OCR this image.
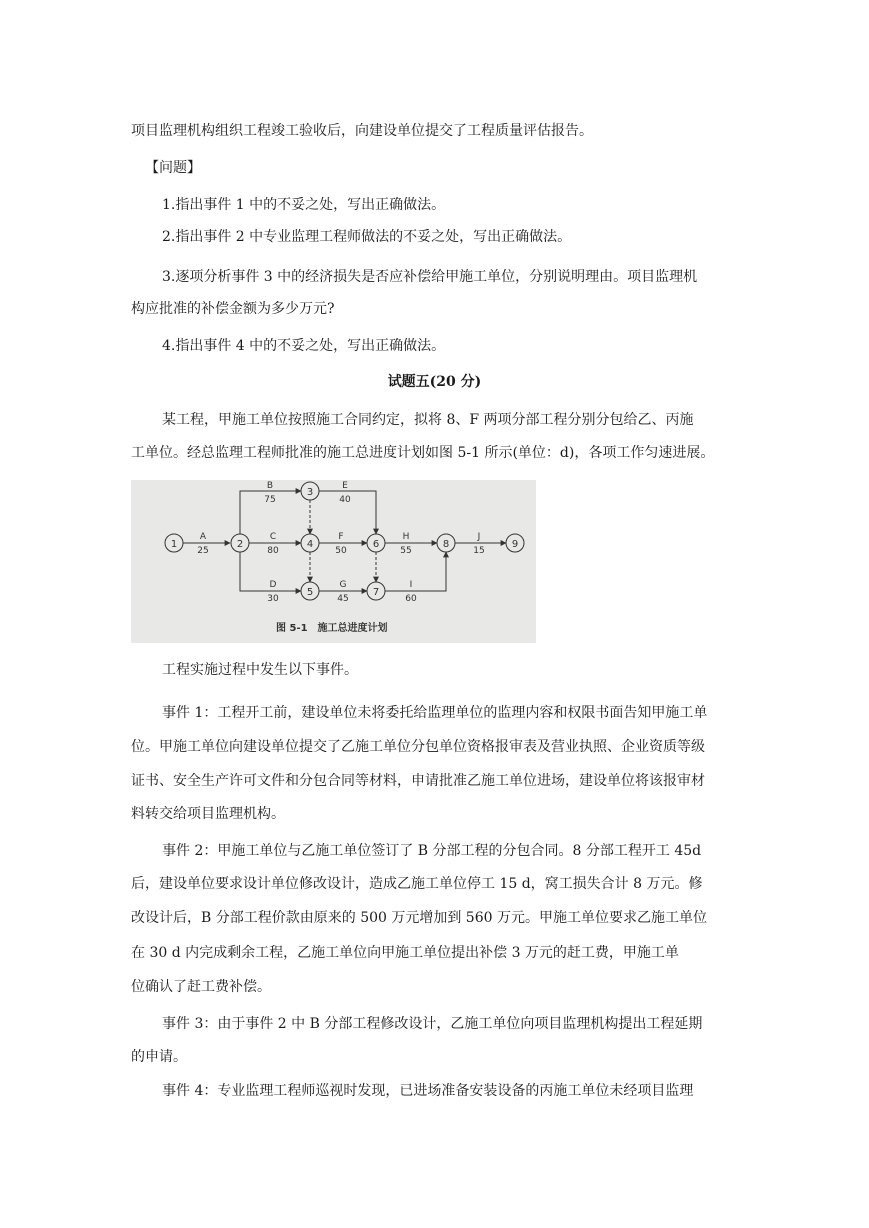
项目监理机构组织工程竣工验收后，向建设单位提交了工程质量评估报告。
【问题】
1.指出事件 1 中的不妥之处，写出正确做法。
2.指出事件 2 中专业监理工程师做法的不妥之处，写出正确做法。
3.逐项分析事件 3 中的经济损失是否应补偿给甲施工单位，分别说明理由。项目监理机
构应批准的补偿金额为多少万元?
4.指出事件 4 中的不妥之处，写出正确做法。
试题五(20 分)
某工程，甲施工单位按照施工合同约定，拟将 8、F 两项分部工程分别分包给乙、丙施
工单位。经总监理工程师批准的施工总进度计划如图 5-1 所示(单位：d)，各项工作匀速进展。
1	2
3
4
5
6
7
8	9
A
25
B
75
C
80
D
30
E
40
F
50
G
45
H
55
I
60
J
15
图 5-1　施工总进度计划
工程实施过程中发生以下事件。
事件 1：工程开工前，建设单位未将委托给监理单位的监理内容和权限书面告知甲施工单
位。甲施工单位向建设单位提交了乙施工单位分包单位资格报审表及营业执照、企业资质等级
证书、安全生产许可文件和分包合同等材料，申请批准乙施工单位进场，建设单位将该报审材
料转交给项目监理机构。
事件 2：甲施工单位与乙施工单位签订了 B 分部工程的分包合同。8 分部工程开工 45d
后，建设单位要求设计单位修改设计，造成乙施工单位停工 15 d，窝工损失合计 8 万元。修
改设计后，B 分部工程价款由原来的 500 万元增加到 560 万元。甲施工单位要求乙施工单位
在 30 d 内完成剩余工程，乙施工单位向甲施工单位提出补偿 3 万元的赶工费，甲施工单
位确认了赶工费补偿。
事件 3：由于事件 2 中 B 分部工程修改设计，乙施工单位向项目监理机构提出工程延期
的申请。
事件 4：专业监理工程师巡视时发现，已进场准备安装设备的丙施工单位未经项目监理
